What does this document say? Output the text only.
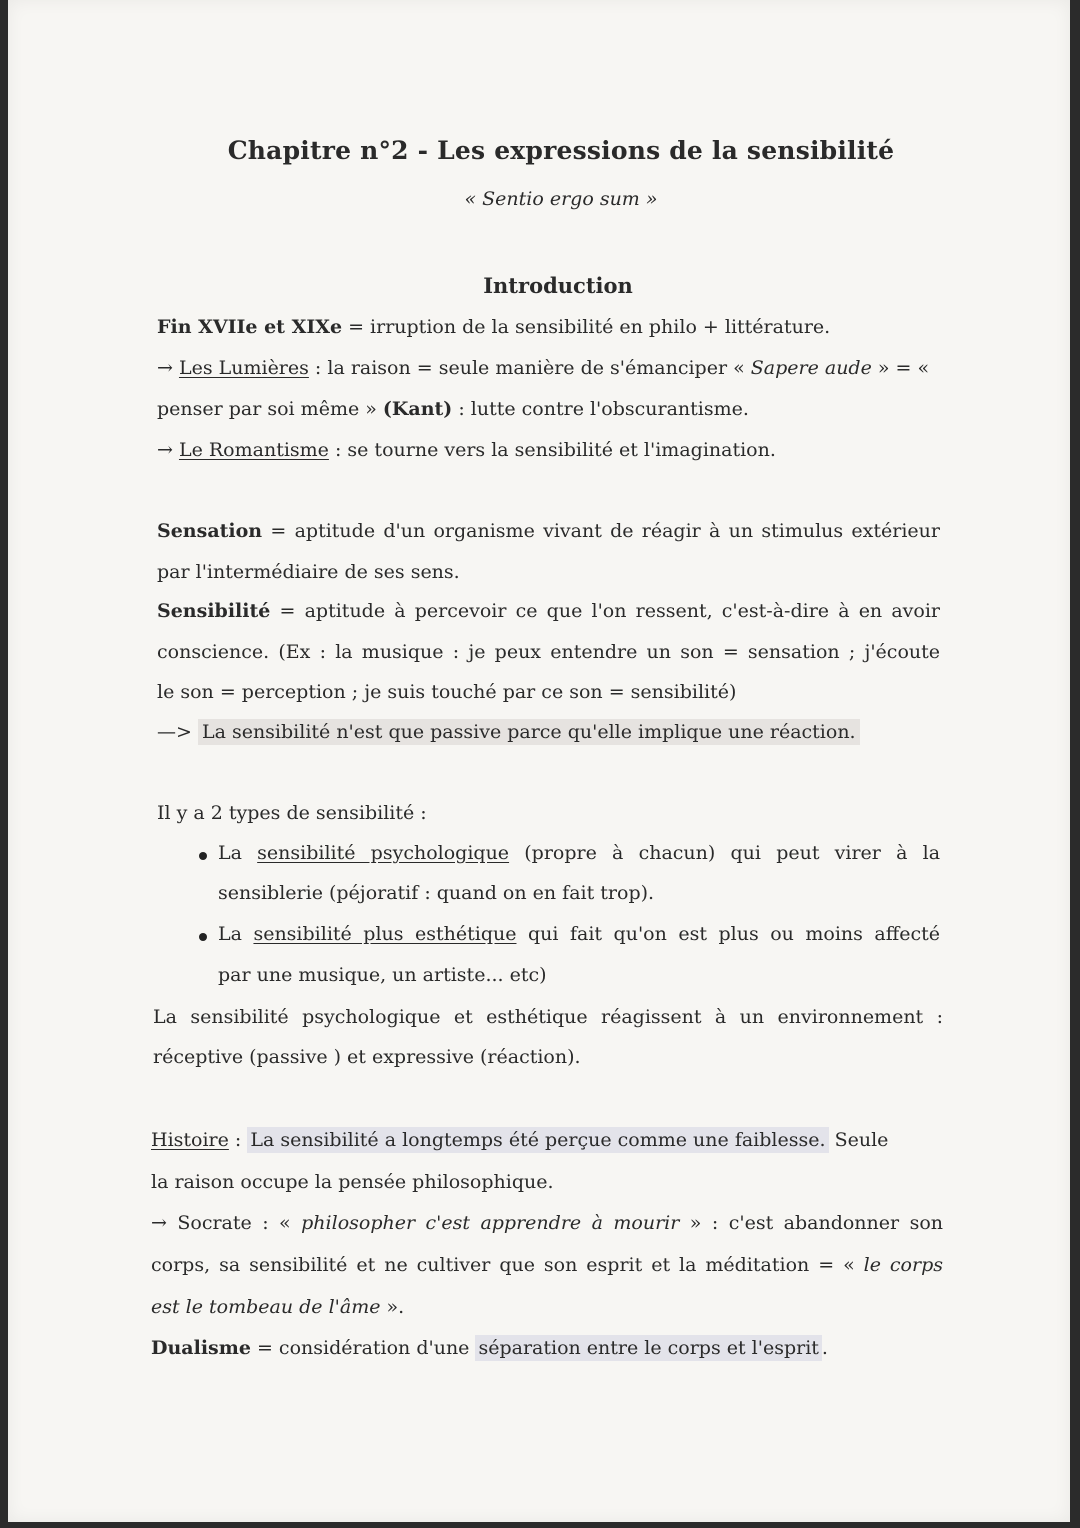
Chapitre n°2 - Les expressions de la sensibilité
« Sentio ergo sum »
Introduction
Fin XVIIe et XIXe = irruption de la sensibilité en philo + littérature.
→ Les Lumières : la raison = seule manière de s'émanciper « Sapere aude » = «
penser par soi même » (Kant) : lutte contre l'obscurantisme.
→ Le Romantisme : se tourne vers la sensibilité et l'imagination.
Sensation = aptitude d'un organisme vivant de réagir à un stimulus extérieur
par l'intermédiaire de ses sens.
Sensibilité = aptitude à percevoir ce que l'on ressent, c'est-à-dire à en avoir
conscience. (Ex : la musique : je peux entendre un son = sensation ; j'écoute
le son = perception ; je suis touché par ce son = sensibilité)
—> La sensibilité n'est que passive parce qu'elle implique une réaction.
Il y a 2 types de sensibilité :
La sensibilité psychologique (propre à chacun) qui peut virer à la
sensiblerie (péjoratif : quand on en fait trop).
La sensibilité plus esthétique qui fait qu'on est plus ou moins affecté
par une musique, un artiste... etc)
La sensibilité psychologique et esthétique réagissent à un environnement :
réceptive (passive ) et expressive (réaction).
Histoire : La sensibilité a longtemps été perçue comme une faiblesse. Seule
la raison occupe la pensée philosophique.
→ Socrate : « philosopher c'est apprendre à mourir » : c'est abandonner son
corps, sa sensibilité et ne cultiver que son esprit et la méditation = « le corps
est le tombeau de l'âme ».
Dualisme = considération d'une séparation entre le corps et l'esprit .
